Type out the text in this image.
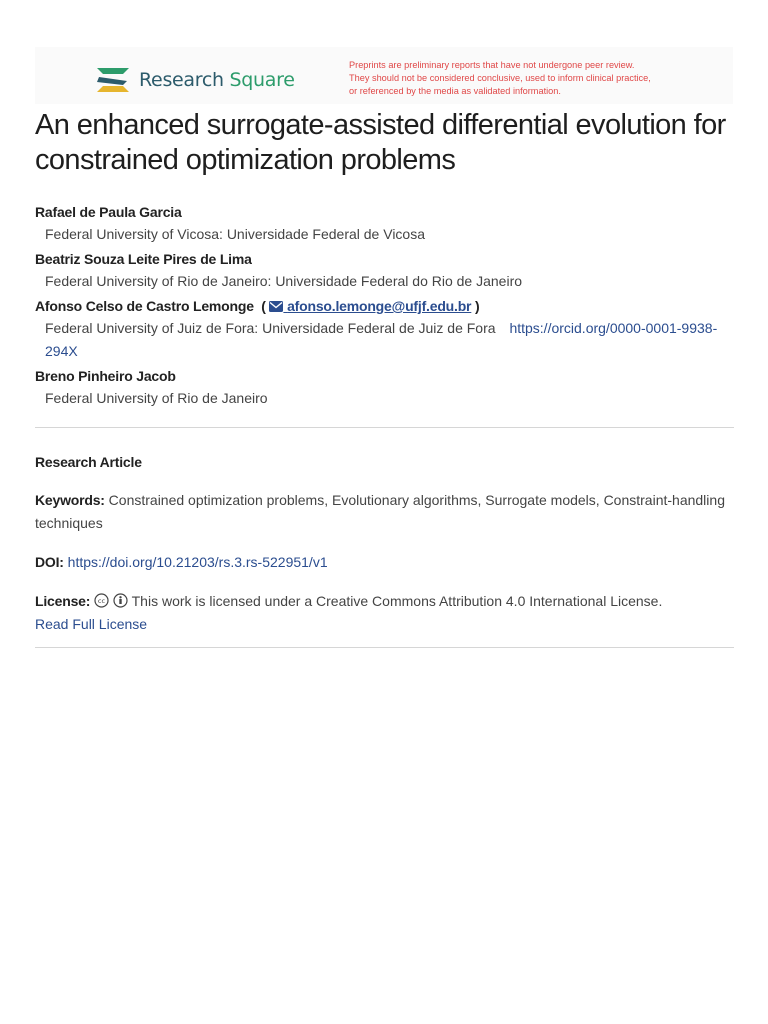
Research Square
Preprints are preliminary reports that have not undergone peer review.
They should not be considered conclusive, used to inform clinical practice,
or referenced by the media as validated information.
An enhanced surrogate-assisted differential evolution for constrained optimization problems
Rafael de Paula Garcia
Federal University of Vicosa: Universidade Federal de Vicosa
Beatriz Souza Leite Pires de Lima
Federal University of Rio de Janeiro: Universidade Federal do Rio de Janeiro
Afonso Celso de Castro Lemonge  ( afonso.lemonge@ufjf.edu.br )
Federal University of Juiz de Fora: Universidade Federal de Juiz de Fora https://orcid.org/0000-0001-9938-294X
Breno Pinheiro Jacob
Federal University of Rio de Janeiro
Research Article
Keywords: Constrained optimization problems, Evolutionary algorithms, Surrogate models, Constraint-handling techniques
DOI: https://doi.org/10.21203/rs.3.rs-522951/v1
License: cc This work is licensed under a Creative Commons Attribution 4.0 International License.
Read Full License
